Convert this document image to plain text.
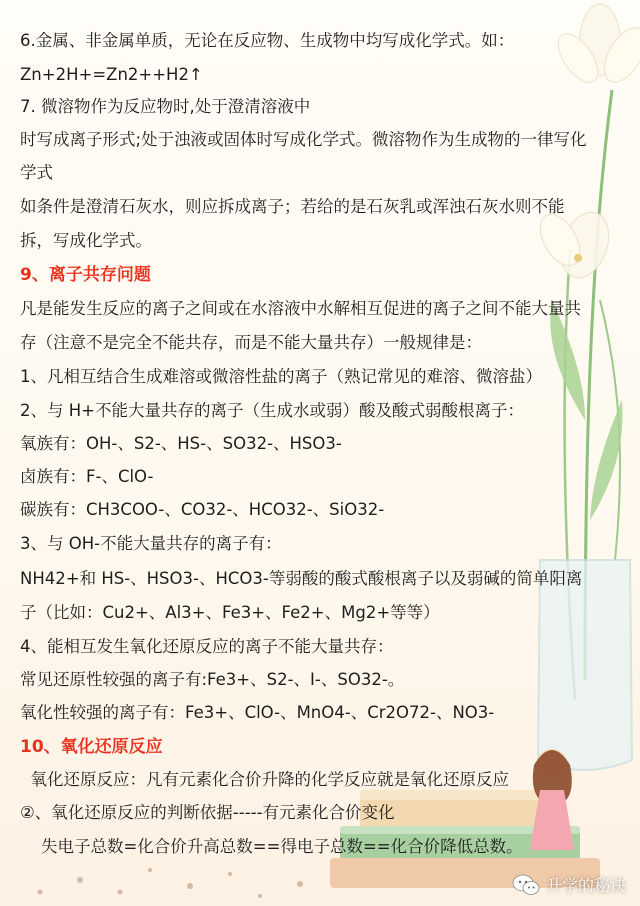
6.金属、非金属单质，无论在反应物、生成物中均写成化学式。如：
Zn+2H+=Zn2++H2↑
7. 微溶物作为反应物时,处于澄清溶液中
时写成离子形式;处于浊液或固体时写成化学式。微溶物作为生成物的一律写化
学式
如条件是澄清石灰水，则应拆成离子；若给的是石灰乳或浑浊石灰水则不能
拆，写成化学式。
9、离子共存问题
凡是能发生反应的离子之间或在水溶液中水解相互促进的离子之间不能大量共
存（注意不是完全不能共存，而是不能大量共存）一般规律是：
1、凡相互结合生成难溶或微溶性盐的离子（熟记常见的难溶、微溶盐）
2、与 H+不能大量共存的离子（生成水或弱）酸及酸式弱酸根离子：
氧族有：OH-、S2-、HS-、SO32-、HSO3-
卤族有：F-、ClO-
碳族有：CH3COO-、CO32-、HCO32-、SiO32-
3、与 OH-不能大量共存的离子有：
NH42+和 HS-、HSO3-、HCO3-等弱酸的酸式酸根离子以及弱碱的简单阳离
子（比如：Cu2+、Al3+、Fe3+、Fe2+、Mg2+等等）
4、能相互发生氧化还原反应的离子不能大量共存：
常见还原性较强的离子有:Fe3+、S2-、I-、SO32-。
氧化性较强的离子有：Fe3+、ClO-、MnO4-、Cr2O72-、NO3-
10、氧化还原反应
氧化还原反应：凡有元素化合价升降的化学反应就是氧化还原反应
②、氧化还原反应的判断依据-----有元素化合价变化
失电子总数=化合价升高总数==得电子总数==化合价降低总数。
升学的秘诀
